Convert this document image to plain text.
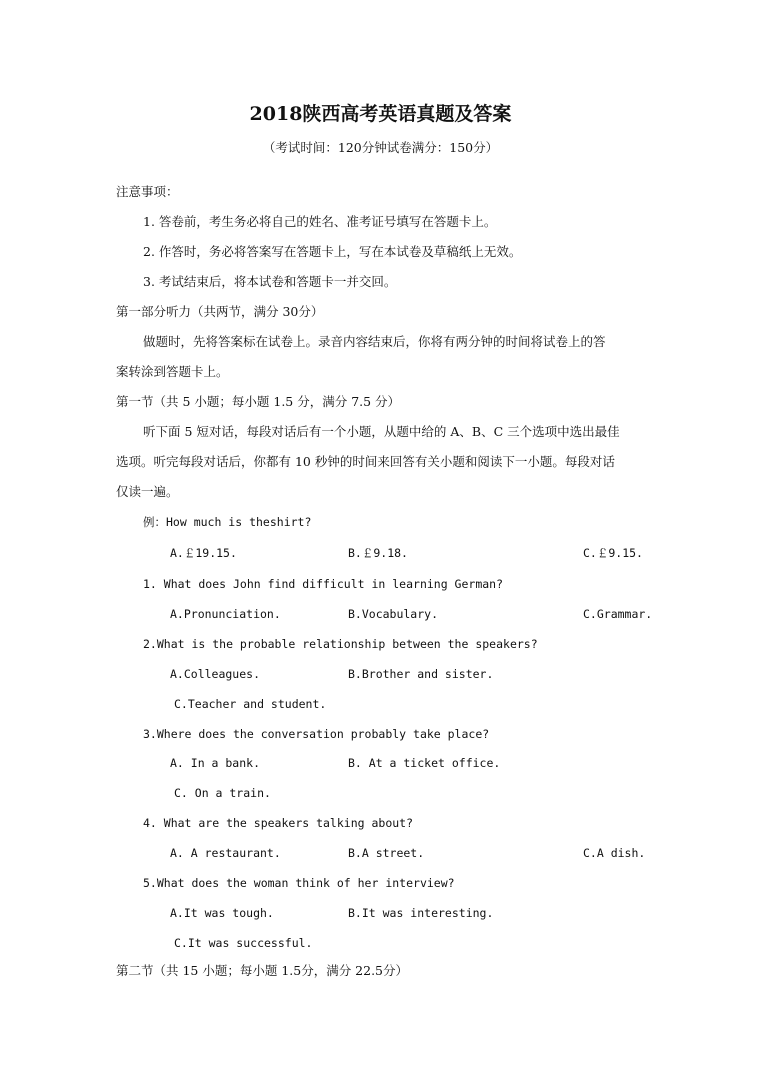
2018陕西高考英语真题及答案
（考试时间：120分钟试卷满分：150分）
注意事项：
1. 答卷前，考生务必将自己的姓名、准考证号填写在答题卡上。
2. 作答时，务必将答案写在答题卡上，写在本试卷及草稿纸上无效。
3. 考试结束后，将本试卷和答题卡一并交回。
第一部分听力（共两节，满分 30分）
做题时，先将答案标在试卷上。录音内容结束后，你将有两分钟的时间将试卷上的答
案转涂到答题卡上。
第一节（共 5 小题；每小题 1.5 分，满分 7.5 分）
听下面 5 短对话，每段对话后有一个小题，从题中给的 A、B、C 三个选项中选出最佳
选项。听完每段对话后，你都有 10 秒钟的时间来回答有关小题和阅读下一小题。每段对话
仅读一遍。
例：How much is theshirt?
A.￡19.15.	B.￡9.18.	C.￡9.15.
1. What does John find difficult in learning German?
A.Pronunciation.	B.Vocabulary.	C.Grammar.
2.What is the probable relationship between the speakers?
A.Colleagues.	B.Brother and sister.
C.Teacher and student.
3.Where does the conversation probably take place?
A. In a bank.	B. At a ticket office.
C. On a train.
4. What are the speakers talking about?
A. A restaurant.	B.A street.	C.A dish.
5.What does the woman think of her interview?
A.It was tough.	B.It was interesting.
C.It was successful.
第二节（共 15 小题；每小题 1.5分，满分 22.5分）
